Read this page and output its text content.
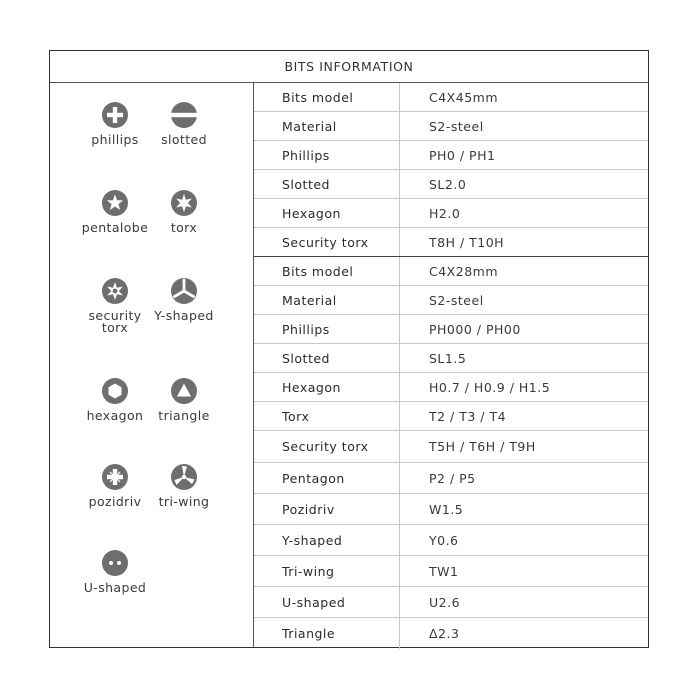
BITS INFORMATION
phillips	slotted
pentalobe	torx
security torx
Y-shaped
hexagon	triangle
pozidriv	tri-wing
U-shaped
Bits model	C4X45mm
Material	S2-steel
Phillips	PH0 / PH1
Slotted	SL2.0
Hexagon	H2.0
Security torx	T8H / T10H
Bits model	C4X28mm
Material	S2-steel
Phillips	PH000 / PH00
Slotted	SL1.5
Hexagon	H0.7 / H0.9 / H1.5
Torx	T2 / T3 / T4
Security torx	T5H / T6H / T9H
Pentagon	P2 / P5
Pozidriv	W1.5
Y-shaped	Y0.6
Tri-wing	TW1
U-shaped	U2.6
Triangle	Δ2.3
